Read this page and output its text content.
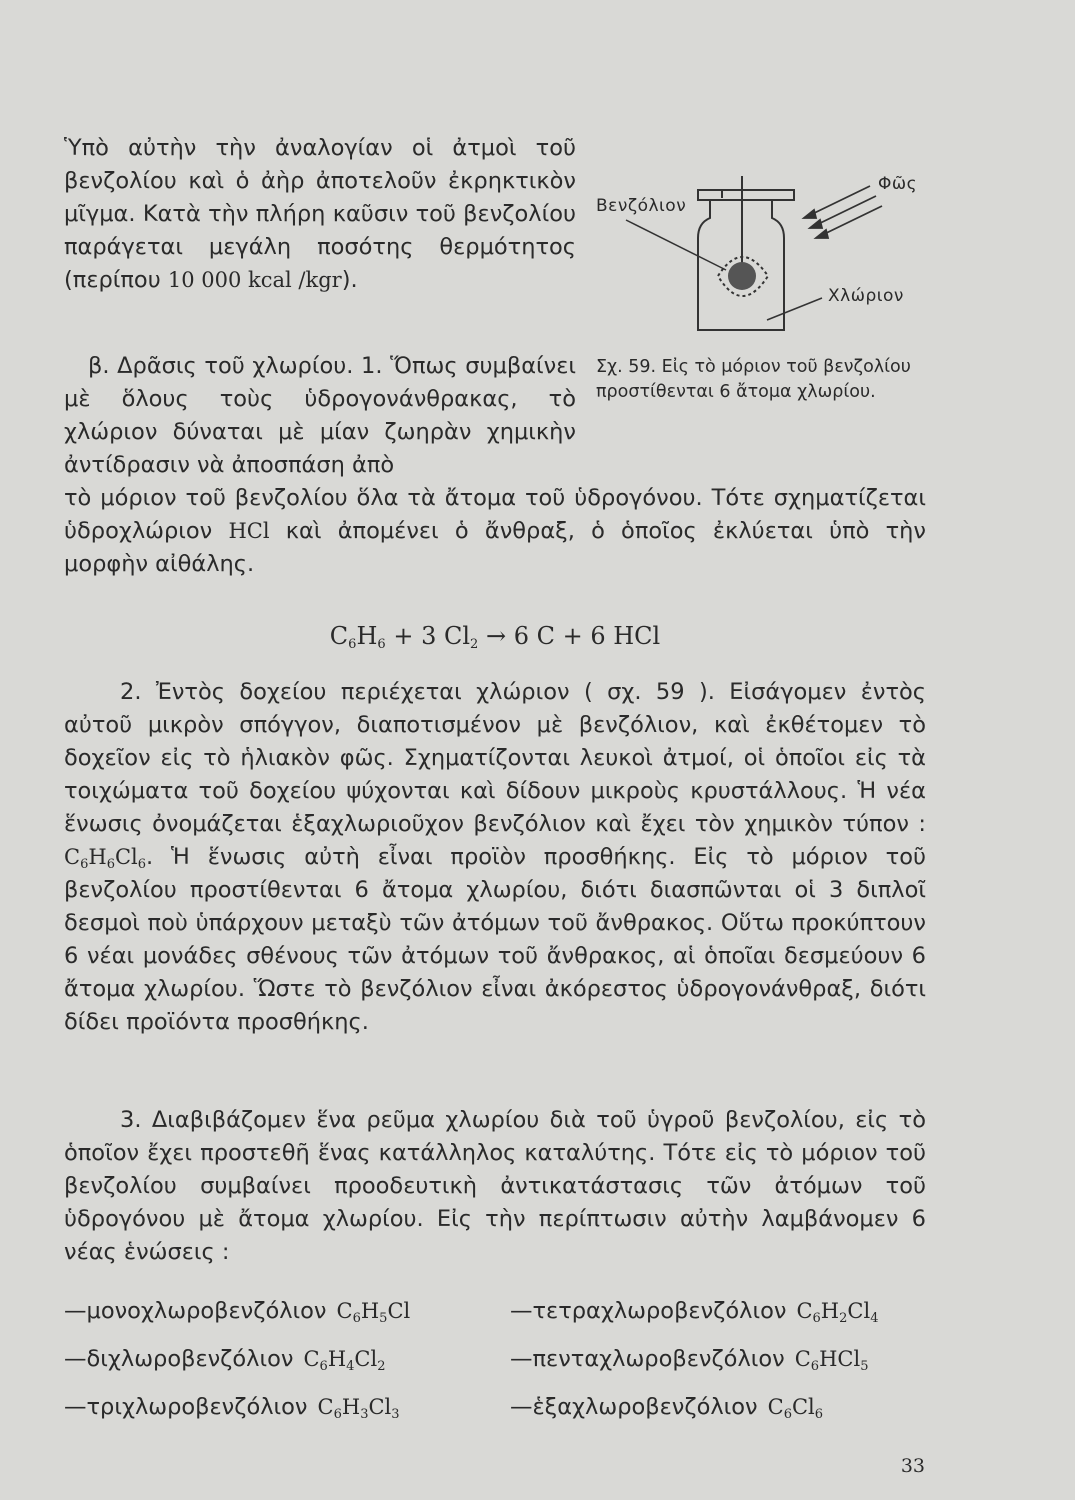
Ὑπὸ αὐτὴν τὴν ἀναλογίαν οἱ ἀτμοὶ τοῦ βενζολίου καὶ ὁ ἀὴρ ἀποτελοῦν ἐκρηκτικὸν μῖγμα. Κατὰ τὴν πλήρη καῦσιν τοῦ βενζολίου παράγεται μεγάλη ποσότης θερμότητος (περίπου 10 000 kcal /kgr).

β. Δρᾶσις τοῦ χλωρίου. 1. Ὅπως συμβαίνει μὲ ὅλους τοὺς ὑδρογονάνθρακας, τὸ χλώριον δύναται μὲ μίαν ζωηρὰν χημικὴν ἀντίδρασιν νὰ ἀποσπάση ἀπὸ

τὸ μόριον τοῦ βενζολίου ὅλα τὰ ἄτομα τοῦ ὑδρογόνου. Τότε σχηματίζεται ὑδροχλώριον HCl καὶ ἀπομένει ὁ ἄνθραξ, ὁ ὁποῖος ἐκλύεται ὑπὸ τὴν μορφὴν αἰθάλης.

$C_6H_6 + 3$ $Cl_2 \to 6$ C + 6 HCl
Βενζόλιον
Φῶς
Χλώριον

Σχ. 59. Εἰς τὸ μόριον τοῦ βενζολίου προστίθενται 6 ἄτομα χλωρίου.

2. Ἐντὸς δοχείου περιέχεται χλώριον ( σχ. 59 ). Εἰσάγομεν ἐντὸς αὐτοῦ μικρὸν σπόγγον, διαποτισμένον μὲ βενζόλιον, καὶ ἐκθέτομεν τὸ δοχεῖον εἰς τὸ ἡλιακὸν φῶς. Σχηματίζονται λευκοὶ ἀτμοί, οἱ ὁποῖοι εἰς τὰ τοιχώματα τοῦ δοχείου ψύχονται καὶ δίδουν μικροὺς κρυστάλλους. Ἡ νέα ἕνωσις ὀνομάζεται ἑξαχλωριοῦχον βενζόλιον καὶ ἔχει τὸν χημικὸν τύπον : $C_6H_6Cl_6$. Ἡ ἕνωσις αὐτὴ εἶναι προϊὸν προσθήκης. Εἰς τὸ μόριον τοῦ βενζολίου προστίθενται 6 ἄτομα χλωρίου, διότι διασπῶνται οἱ 3 διπλοῖ δεσμοὶ ποὺ ὑπάρχουν μεταξὺ τῶν ἀτόμων τοῦ ἄνθρακος. Οὕτω προκύπτουν 6 νέαι μονάδες σθένους τῶν ἀτόμων τοῦ ἄνθρακος, αἱ ὁποῖαι δεσμεύουν 6 ἄτομα χλωρίου. Ὥστε τὸ βενζόλιον εἶναι ἀκόρεστος ὑδρογονάνθραξ, διότι δίδει προϊόντα προσθήκης.

3. Διαβιβάζομεν ἕνα ρεῦμα χλωρίου διὰ τοῦ ὑγροῦ βενζολίου, εἰς τὸ ὁποῖον ἔχει προστεθῆ ἕνας κατάλληλος καταλύτης. Τότε εἰς τὸ μόριον τοῦ βενζολίου συμβαίνει προοδευτικὴ ἀντικατάστασις τῶν ἀτόμων τοῦ ὑδρογόνου μὲ ἄτομα χλωρίου. Εἰς τὴν περίπτωσιν αὐτὴν λαμβάνομεν 6 νέας ἑνώσεις :

—μονοχλωροβενζόλιον $C_6H_5Cl$	—τετραχλωροβενζόλιον $C_6H_2Cl_4$
—διχλωροβενζόλιον $C_6H_4Cl_2$	—πενταχλωροβενζόλιον $C_6HCl_5$
—τριχλωροβενζόλιον $C_6H_3Cl_3$	—ἑξαχλωροβενζόλιον $C_6Cl_6$
33
